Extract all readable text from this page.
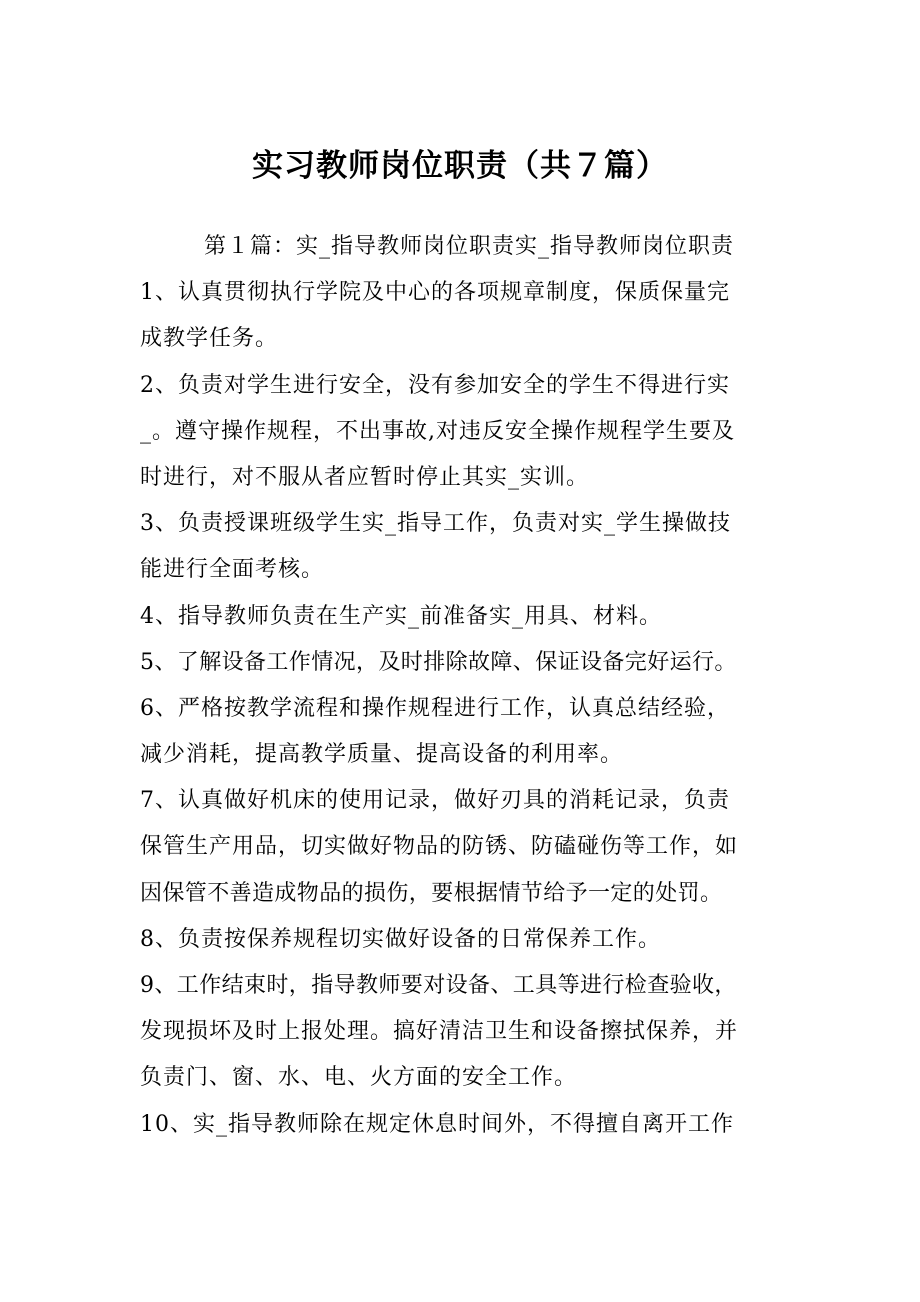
实习教师岗位职责（共７篇）
第１篇：实_指导教师岗位职责实_指导教师岗位职责
1、认真贯彻执行学院及中心的各项规章制度，保质保量完
成教学任务。
2、负责对学生进行安全，没有参加安全的学生不得进行实
_。遵守操作规程，不出事故,对违反安全操作规程学生要及
时进行，对不服从者应暂时停止其实_实训。
3、负责授课班级学生实_指导工作，负责对实_学生操做技
能进行全面考核。
4、指导教师负责在生产实_前准备实_用具、材料。
5、了解设备工作情况，及时排除故障、保证设备完好运行。
6、严格按教学流程和操作规程进行工作，认真总结经验，
减少消耗，提高教学质量、提高设备的利用率。
7、认真做好机床的使用记录，做好刃具的消耗记录，负责
保管生产用品，切实做好物品的防锈、防磕碰伤等工作，如
因保管不善造成物品的损伤，要根据情节给予一定的处罚。
8、负责按保养规程切实做好设备的日常保养工作。
9、工作结束时，指导教师要对设备、工具等进行检查验收，
发现损坏及时上报处理。搞好清洁卫生和设备擦拭保养，并
负责门、窗、水、电、火方面的安全工作。
10、实_指导教师除在规定休息时间外，不得擅自离开工作
